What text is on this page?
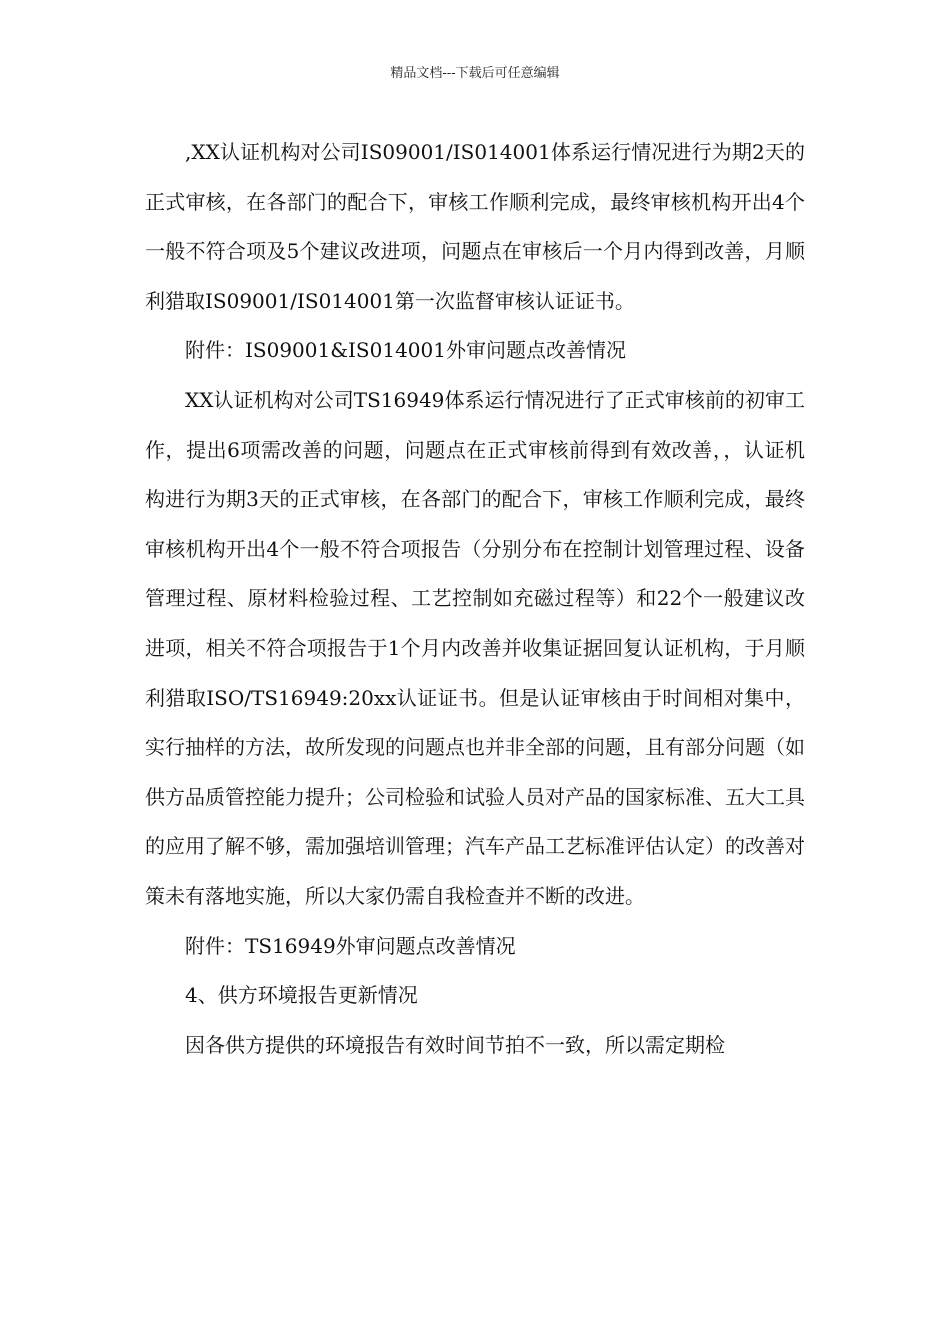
精品文档---下载后可任意编辑

,XX认证机构对公司IS09001/IS014001体系运行情况进行为期2天的正式审核，在各部门的配合下，审核工作顺利完成，最终审核机构开出4个一般不符合项及5个建议改进项，问题点在审核后一个月内得到改善，月顺利猎取IS09001/IS014001第一次监督审核认证证书。

附件：IS09001&IS014001外审问题点改善情况

XX认证机构对公司TS16949体系运行情况进行了正式审核前的初审工作，提出6项需改善的问题，问题点在正式审核前得到有效改善，，认证机构进行为期3天的正式审核，在各部门的配合下，审核工作顺利完成，最终审核机构开出4个一般不符合项报告（分别分布在控制计划管理过程、设备管理过程、原材料检验过程、工艺控制如充磁过程等）和22个一般建议改进项，相关不符合项报告于1个月内改善并收集证据回复认证机构，于月顺利猎取ISO/TS16949:20xx认证证书。但是认证审核由于时间相对集中，实行抽样的方法，故所发现的问题点也并非全部的问题，且有部分问题（如供方品质管控能力提升；公司检验和试验人员对产品的国家标准、五大工具的应用了解不够，需加强培训管理；汽车产品工艺标准评估认定）的改善对策未有落地实施，所以大家仍需自我检查并不断的改进。

附件：TS16949外审问题点改善情况

4、供方环境报告更新情况

因各供方提供的环境报告有效时间节拍不一致，所以需定期检
